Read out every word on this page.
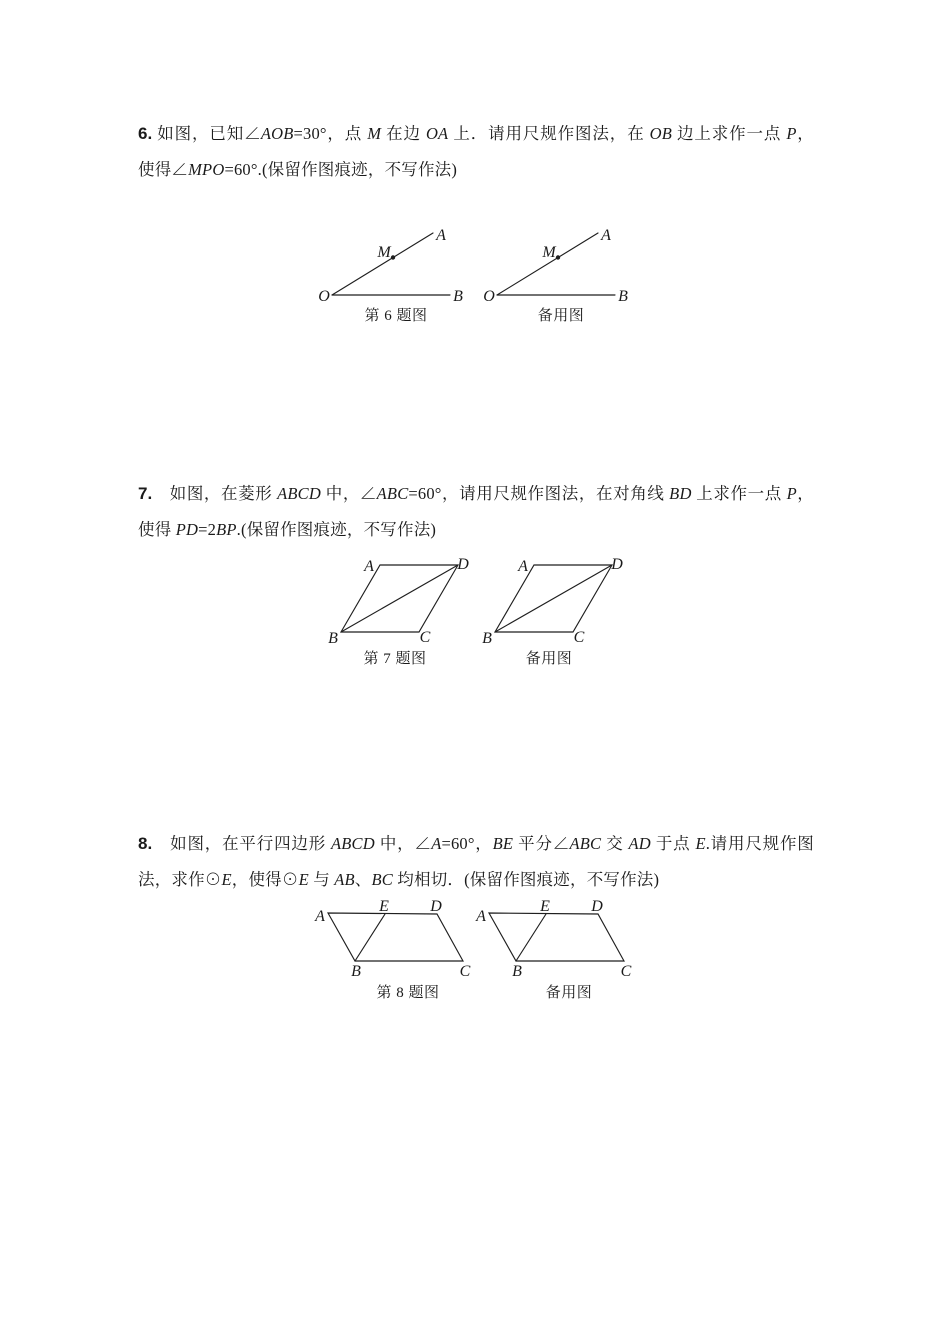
6. 如图，已知∠AOB=30°，点 M 在边 OA 上．请用尺规作图法，在 OB 边上求作一点 P，
使得∠MPO=60°.(保留作图痕迹，不写作法)
O
A
B
M
第 6 题图
O
A
B
M
备用图
7.　如图，在菱形 ABCD 中，∠ABC=60°，请用尺规作图法，在对角线 BD 上求作一点 P，
使得 PD=2BP.(保留作图痕迹，不写作法)
A	D
B	C
第 7 题图
A	D
B	C
备用图
8.　如图，在平行四边形 ABCD 中，∠A=60°，BE 平分∠ABC 交 AD 于点 E.请用尺规作图
法，求作⊙E，使得⊙E 与 AB、BC 均相切．(保留作图痕迹，不写作法)
A
E	D
B	C
第 8 题图
A
E	D
B	C
备用图
